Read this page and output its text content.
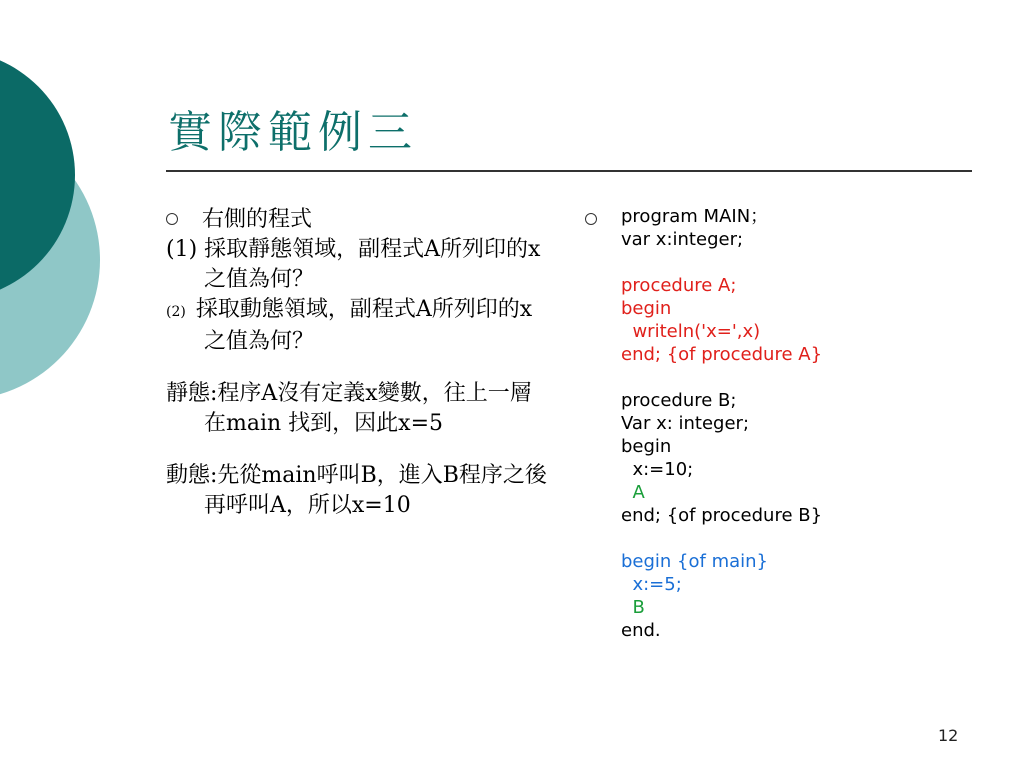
實際範例三
右側的程式
(1) 採取靜態領域，副程式A所列印的x之值為何？
(2) 採取動態領域，副程式A所列印的x之值為何？
靜態:程序A沒有定義x變數，往上一層在main 找到，因此x=5
動態:先從main呼叫B，進入B程序之後再呼叫A，所以x=10
program MAIN；
var x:integer;
procedure A;
begin
writeln('x=',x)
end; {of procedure A}
procedure B;
Var x: integer;
begin
x:=10;
A
end; {of procedure B}
begin {of main}
x:=5;
B
end.
12
